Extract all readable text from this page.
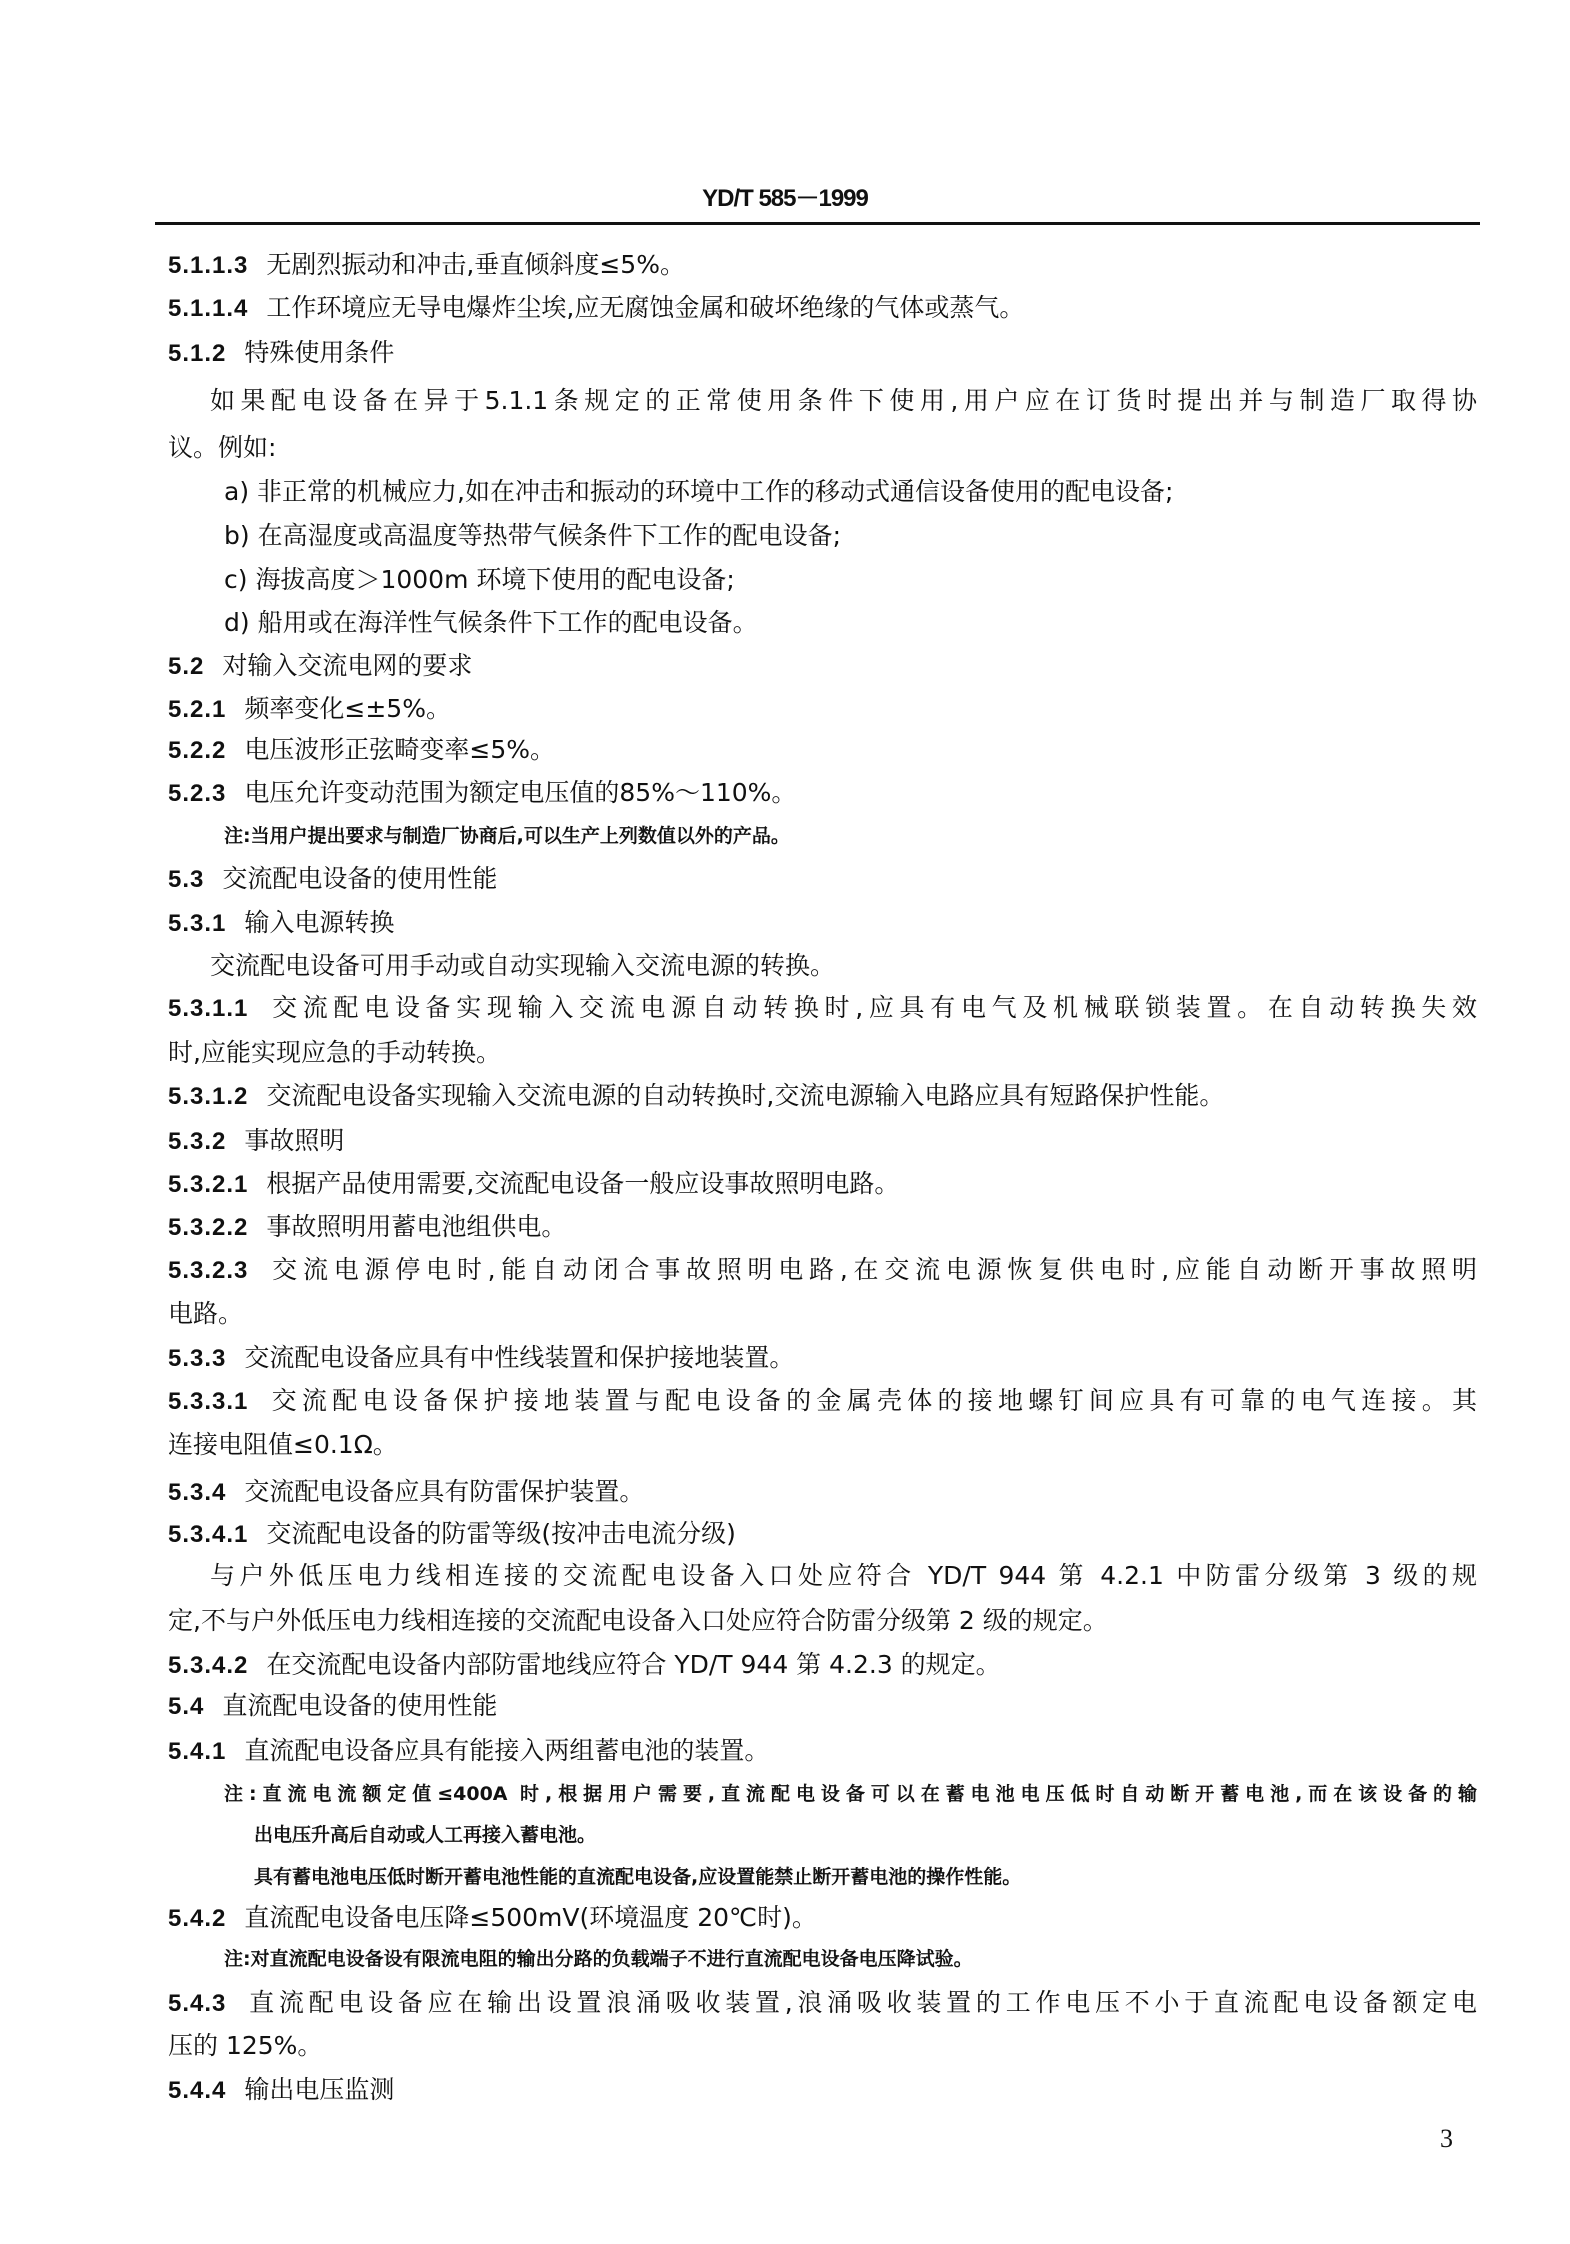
YD/T 585－1999
5.1.1.3 无剧烈振动和冲击,垂直倾斜度≤5%。
5.1.1.4 工作环境应无导电爆炸尘埃,应无腐蚀金属和破坏绝缘的气体或蒸气。
5.1.2 特殊使用条件
如果配电设备在异于5.1.1条规定的正常使用条件下使用,用户应在订货时提出并与制造厂取得协
议。例如:
a) 非正常的机械应力,如在冲击和振动的环境中工作的移动式通信设备使用的配电设备;
b) 在高湿度或高温度等热带气候条件下工作的配电设备;
c) 海拔高度＞1000m 环境下使用的配电设备;
d) 船用或在海洋性气候条件下工作的配电设备。
5.2 对输入交流电网的要求
5.2.1 频率变化≤±5%。
5.2.2 电压波形正弦畸变率≤5%。
5.2.3 电压允许变动范围为额定电压值的85%～110%。
注:当用户提出要求与制造厂协商后,可以生产上列数值以外的产品。
5.3 交流配电设备的使用性能
5.3.1 输入电源转换
交流配电设备可用手动或自动实现输入交流电源的转换。
5.3.1.1 交流配电设备实现输入交流电源自动转换时,应具有电气及机械联锁装置。在自动转换失效
时,应能实现应急的手动转换。
5.3.1.2 交流配电设备实现输入交流电源的自动转换时,交流电源输入电路应具有短路保护性能。
5.3.2 事故照明
5.3.2.1 根据产品使用需要,交流配电设备一般应设事故照明电路。
5.3.2.2 事故照明用蓄电池组供电。
5.3.2.3 交流电源停电时,能自动闭合事故照明电路,在交流电源恢复供电时,应能自动断开事故照明
电路。
5.3.3 交流配电设备应具有中性线装置和保护接地装置。
5.3.3.1 交流配电设备保护接地装置与配电设备的金属壳体的接地螺钉间应具有可靠的电气连接。其
连接电阻值≤0.1Ω。
5.3.4 交流配电设备应具有防雷保护装置。
5.3.4.1 交流配电设备的防雷等级(按冲击电流分级)
与户外低压电力线相连接的交流配电设备入口处应符合 YD/T 944 第 4.2.1 中防雷分级第 3 级的规
定,不与户外低压电力线相连接的交流配电设备入口处应符合防雷分级第 2 级的规定。
5.3.4.2 在交流配电设备内部防雷地线应符合 YD/T 944 第 4.2.3 的规定。
5.4 直流配电设备的使用性能
5.4.1 直流配电设备应具有能接入两组蓄电池的装置。
注:直流电流额定值≤400A 时,根据用户需要,直流配电设备可以在蓄电池电压低时自动断开蓄电池,而在该设备的输
出电压升高后自动或人工再接入蓄电池。
具有蓄电池电压低时断开蓄电池性能的直流配电设备,应设置能禁止断开蓄电池的操作性能。
5.4.2 直流配电设备电压降≤500mV(环境温度 20℃时)。
注:对直流配电设备设有限流电阻的输出分路的负载端子不进行直流配电设备电压降试验。
5.4.3 直流配电设备应在输出设置浪涌吸收装置,浪涌吸收装置的工作电压不小于直流配电设备额定电
压的 125%。
5.4.4 输出电压监测
3
